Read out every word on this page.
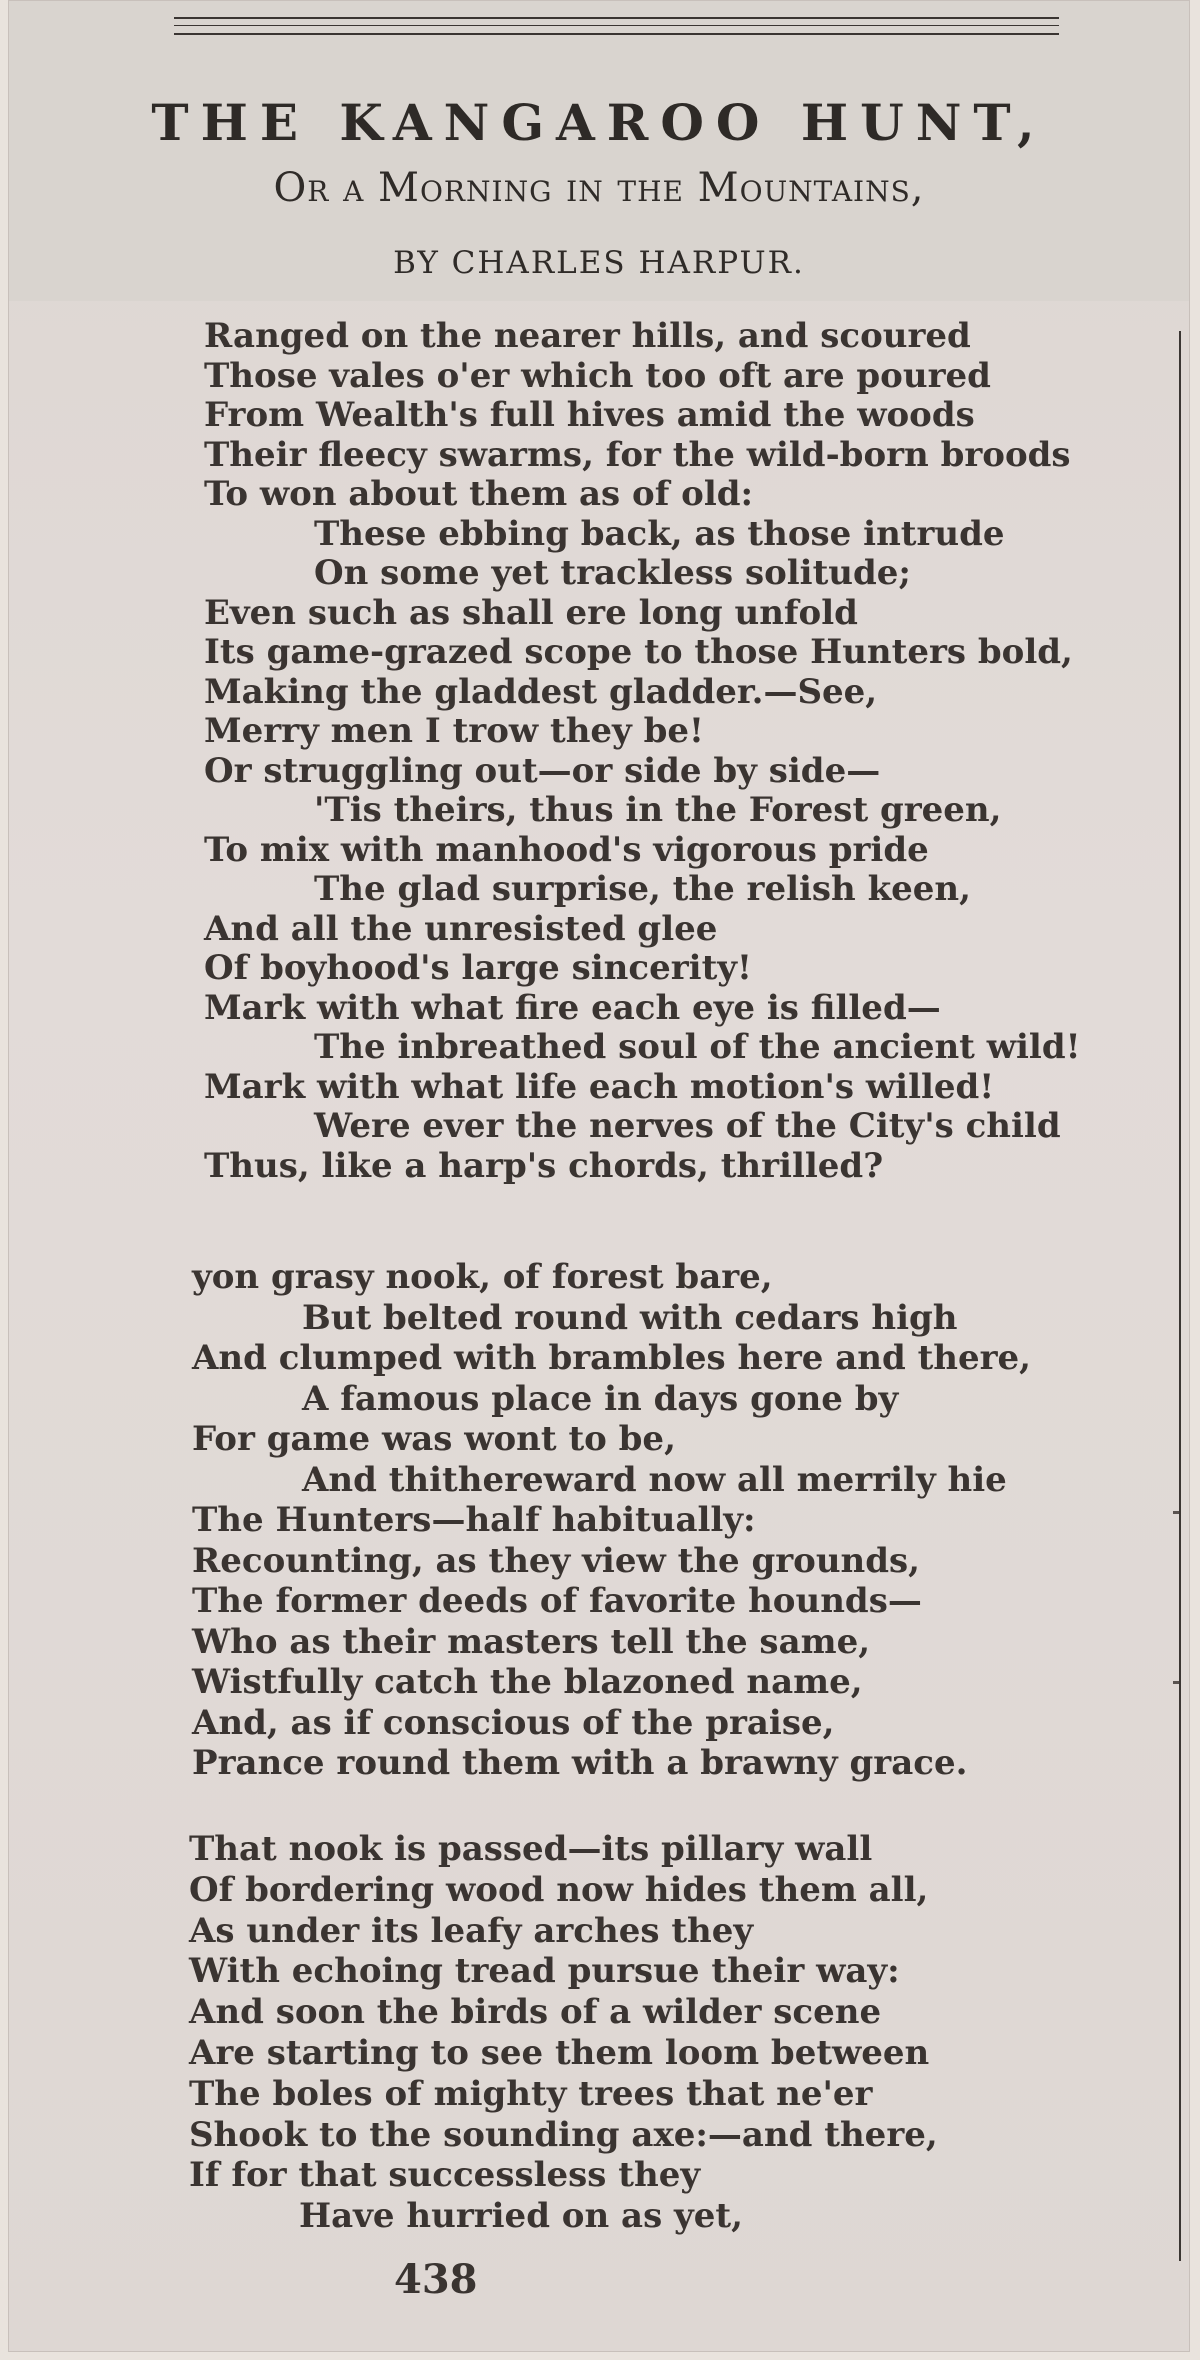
THE KANGAROO HUNT,
Or a Morning in the Mountains,
BY CHARLES HARPUR.
Ranged on the nearer hills, and scoured
Those vales o'er which too oft are poured
From Wealth's full hives amid the woods
Their fleecy swarms, for the wild-born broods
To won about them as of old:
These ebbing back, as those intrude
On some yet trackless solitude;
Even such as shall ere long unfold
Its game-grazed scope to those Hunters bold,
Making the gladdest gladder.—See,
Merry men I trow they be!
Or struggling out—or side by side—
'Tis theirs, thus in the Forest green,
To mix with manhood's vigorous pride
The glad surprise, the relish keen,
And all the unresisted glee
Of boyhood's large sincerity!
Mark with what fire each eye is filled—
The inbreathed soul of the ancient wild!
Mark with what life each motion's willed!
Were ever the nerves of the City's child
Thus, like a harp's chords, thrilled?
yon grasy nook, of forest bare,
But belted round with cedars high
And clumped with brambles here and there,
A famous place in days gone by
For game was wont to be,
And thithereward now all merrily hie
The Hunters—half habitually:
Recounting, as they view the grounds,
The former deeds of favorite hounds—
Who as their masters tell the same,
Wistfully catch the blazoned name,
And, as if conscious of the praise,
Prance round them with a brawny grace.
That nook is passed—its pillary wall
Of bordering wood now hides them all,
As under its leafy arches they
With echoing tread pursue their way:
And soon the birds of a wilder scene
Are starting to see them loom between
The boles of mighty trees that ne'er
Shook to the sounding axe:—and there,
If for that successless they
Have hurried on as yet,
438
